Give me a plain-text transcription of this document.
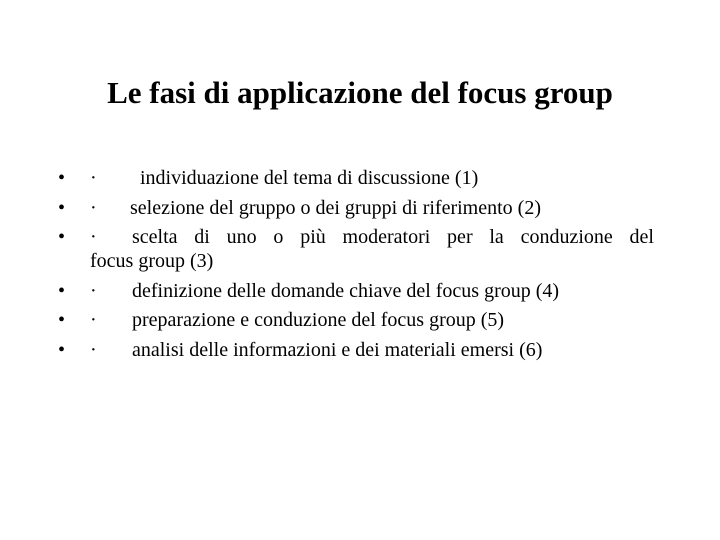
Le fasi di applicazione del focus group
•	·	individuazione del tema di discussione (1)
•	·	selezione del gruppo o dei gruppi di riferimento (2)
•	·	scelta di uno o più moderatori per la conduzione del
focus group (3)
•	·	definizione delle domande chiave del focus group (4)
•	·	preparazione e conduzione del focus group (5)
•	·	analisi delle informazioni e dei materiali emersi (6)
